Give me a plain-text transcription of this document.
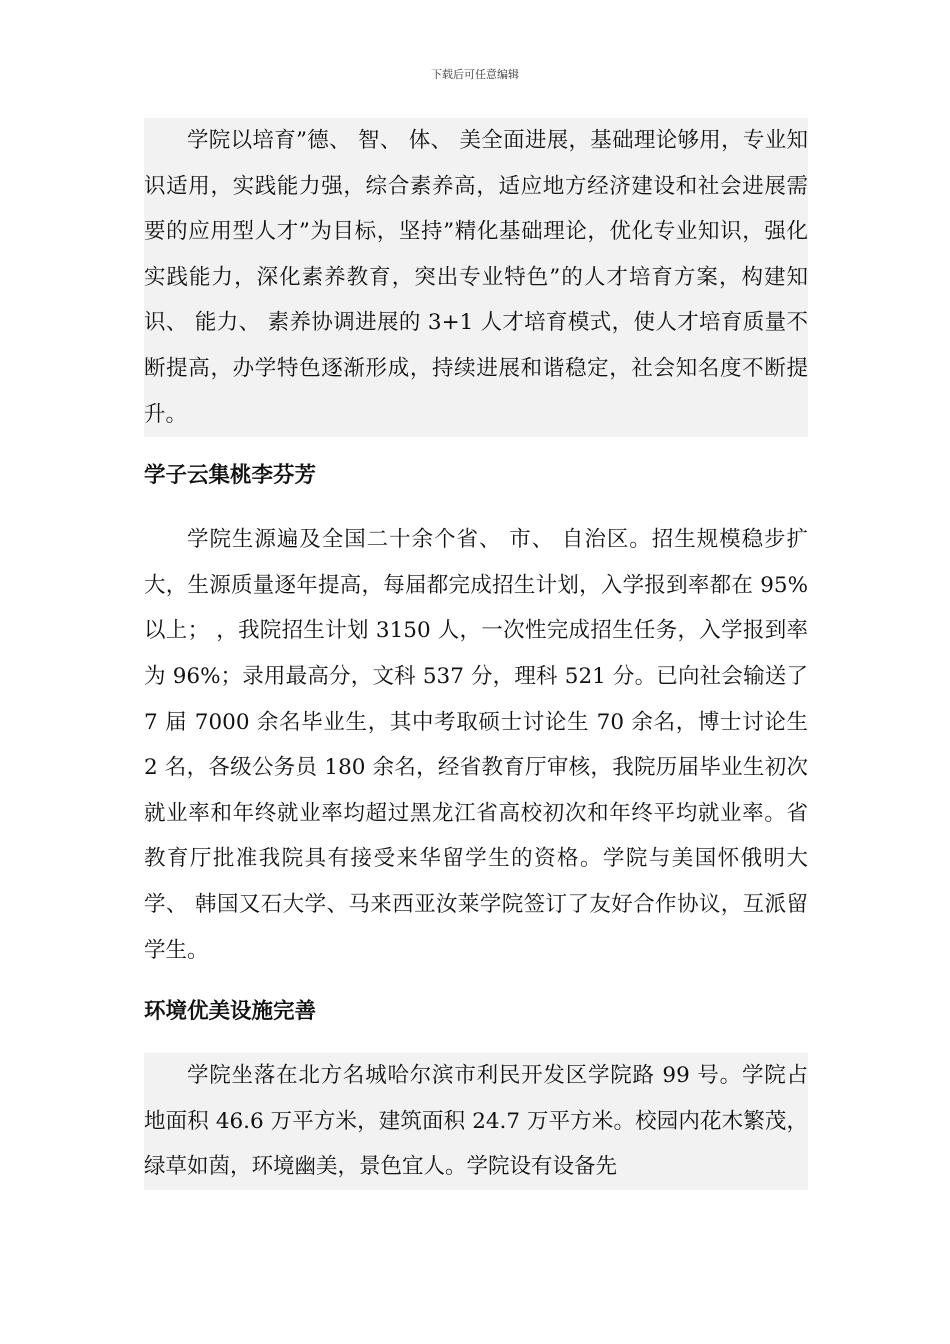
下载后可任意编辑

学院以培育”德、 智、 体、 美全面进展，基础理论够用，专业知识适用，实践能力强，综合素养高，适应地方经济建设和社会进展需要的应用型人才”为目标，坚持”精化基础理论，优化专业知识，强化实践能力，深化素养教育，突出专业特色”的人才培育方案，构建知识、 能力、 素养协调进展的 3+1 人才培育模式，使人才培育质量不断提高，办学特色逐渐形成，持续进展和谐稳定，社会知名度不断提升。

学子云集桃李芬芳

学院生源遍及全国二十余个省、 市、 自治区。招生规模稳步扩大，生源质量逐年提高，每届都完成招生计划，入学报到率都在 95%以上； ，我院招生计划 3150 人，一次性完成招生任务，入学报到率为 96%；录用最高分，文科 537 分，理科 521 分。已向社会输送了 7 届 7000 余名毕业生，其中考取硕士讨论生 70 余名，博士讨论生 2 名，各级公务员 180 余名，经省教育厅审核，我院历届毕业生初次就业率和年终就业率均超过黑龙江省高校初次和年终平均就业率。省教育厅批准我院具有接受来华留学生的资格。学院与美国怀俄明大学、 韩国又石大学、马来西亚汝莱学院签订了友好合作协议，互派留学生。

环境优美设施完善

学院坐落在北方名城哈尔滨市利民开发区学院路 99 号。学院占地面积 46.6 万平方米，建筑面积 24.7 万平方米。校园内花木繁茂，绿草如茵，环境幽美，景色宜人。学院设有设备先
